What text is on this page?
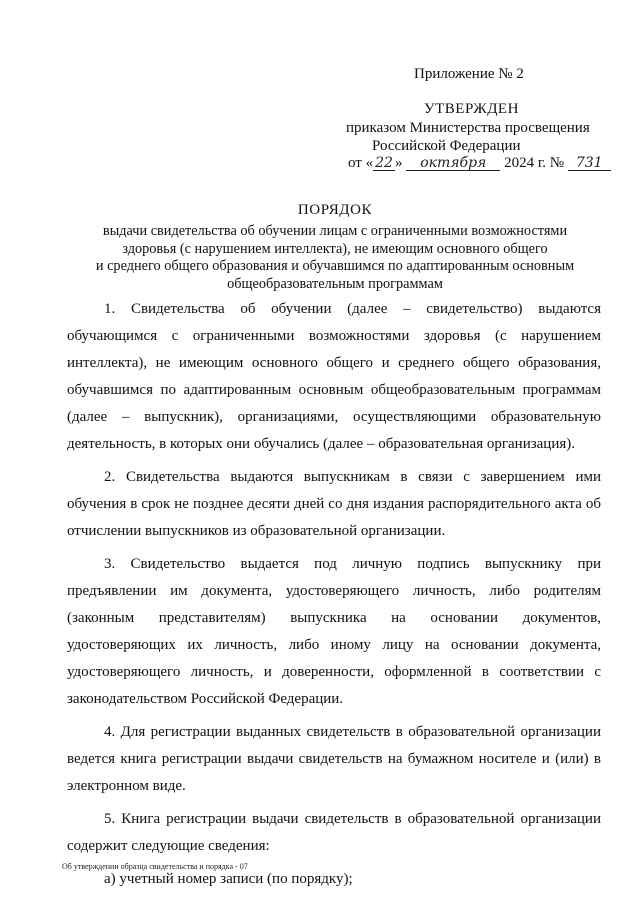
Приложение № 2
УТВЕРЖДЕН
приказом Министерства просвещения
Российской Федерации
от « 22 » октября 2024 г. № 731
ПОРЯДОК
выдачи свидетельства об обучении лицам с ограниченными возможностями
здоровья (с нарушением интеллекта), не имеющим основного общего
и среднего общего образования и обучавшимся по адаптированным основным
общеобразовательным программам

1. Свидетельства об обучении (далее – свидетельство) выдаются обучающимся с ограниченными возможностями здоровья (с нарушением интеллекта), не имеющим основного общего и среднего общего образования, обучавшимся по адаптированным основным общеобразовательным программам (далее – выпускник), организациями, осуществляющими образовательную деятельность, в которых они обучались (далее – образовательная организация).

2. Свидетельства выдаются выпускникам в связи с завершением ими обучения в срок не позднее десяти дней со дня издания распорядительного акта об отчислении выпускников из образовательной организации.

3. Свидетельство выдается под личную подпись выпускнику при предъявлении им документа, удостоверяющего личность, либо родителям (законным представителям) выпускника на основании документов, удостоверяющих их личность, либо иному лицу на основании документа, удостоверяющего личность, и доверенности, оформленной в соответствии с законодательством Российской Федерации.

4. Для регистрации выданных свидетельств в образовательной организации ведется книга регистрации выдачи свидетельств на бумажном носителе и (или) в электронном виде.

5. Книга регистрации выдачи свидетельств в образовательной организации содержит следующие сведения:

а) учетный номер записи (по порядку);

Об утверждении образца свидетельства и порядка - 07
